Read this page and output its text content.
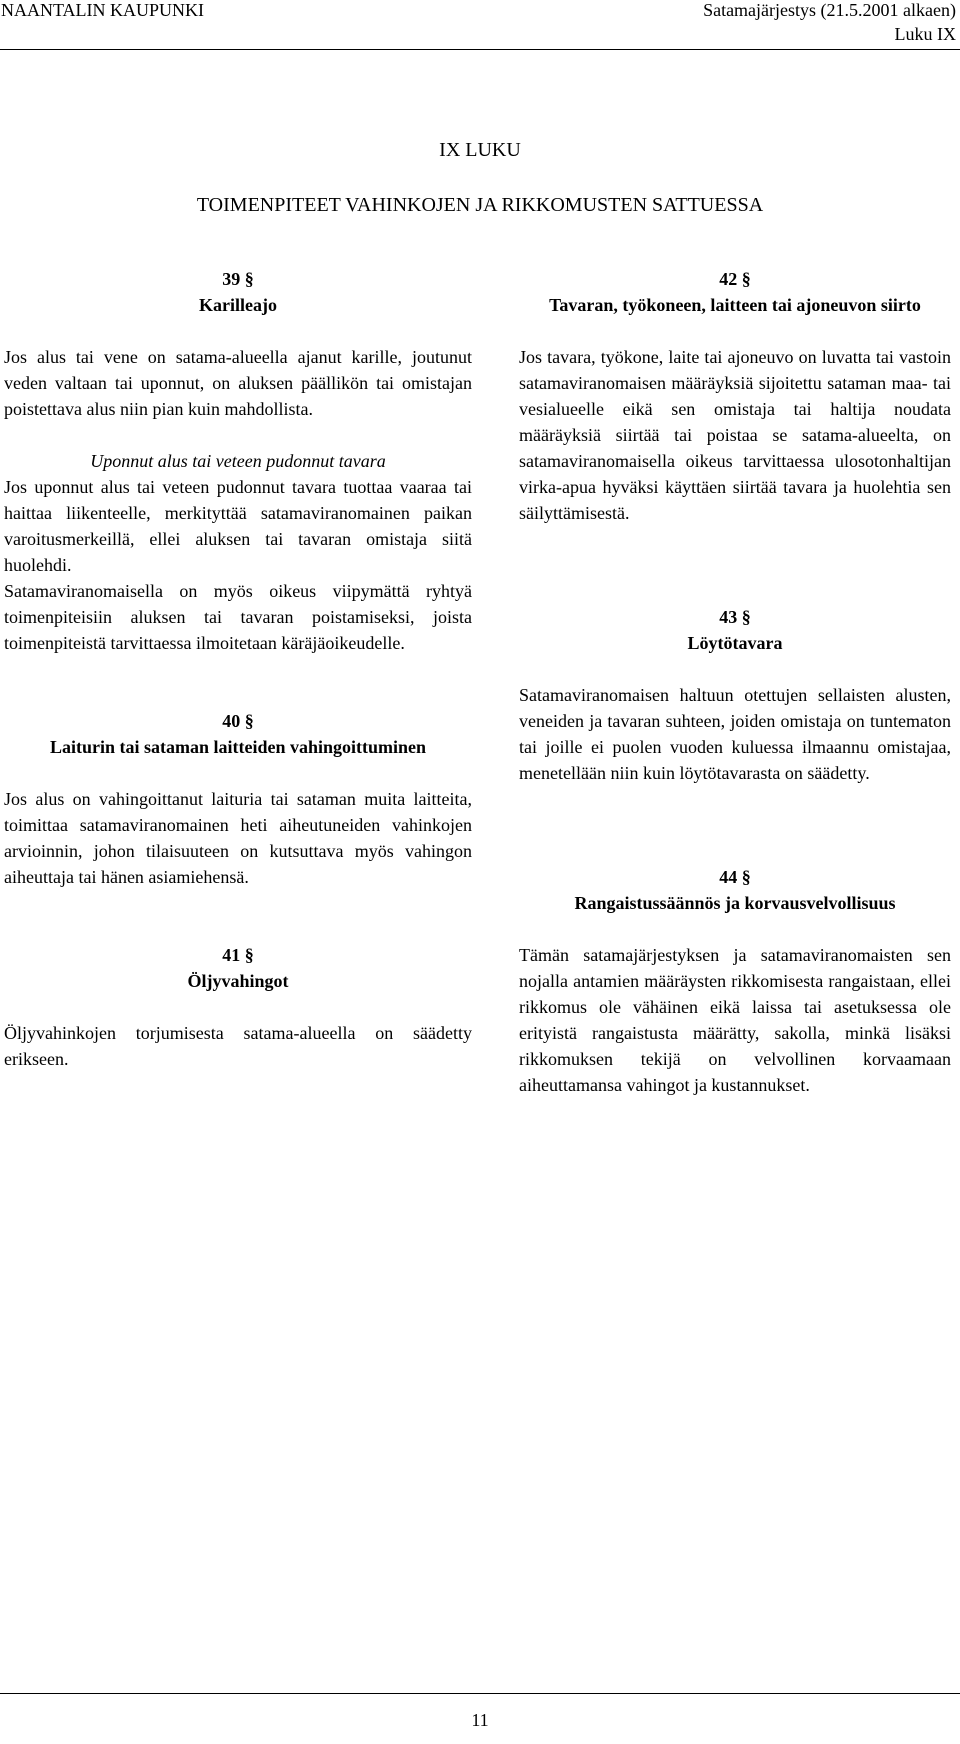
NAANTALIN KAUPUNKI	Satamajärjestys (21.5.2001 alkaen)
Luku IX
IX LUKU
TOIMENPITEET VAHINKOJEN JA RIKKOMUSTEN SATTUESSA
39 §
Karilleajo
Jos alus tai vene on satama-alueella ajanut karille, joutunut veden valtaan tai uponnut, on aluksen päällikön tai omistajan poistettava alus niin pian kuin mahdollista.
Uponnut alus tai veteen pudonnut tavara
Jos uponnut alus tai veteen pudonnut tavara tuottaa vaaraa tai haittaa liikenteelle, merkityttää satamaviranomainen paikan varoitusmerkeillä, ellei aluksen tai tavaran omistaja siitä huolehdi.
Satamaviranomaisella on myös oikeus viipymättä ryhtyä toimenpiteisiin aluksen tai tavaran poistamiseksi, joista toimenpiteistä tarvittaessa ilmoitetaan käräjäoikeudelle.
40 §
Laiturin tai sataman laitteiden vahingoittuminen
Jos alus on vahingoittanut laituria tai sataman muita laitteita, toimittaa satamaviranomainen heti aiheutuneiden vahinkojen arvioinnin, johon tilaisuuteen on kutsuttava myös vahingon aiheuttaja tai hänen asiamiehensä.
41 §
Öljyvahingot
Öljyvahinkojen torjumisesta satama-alueella on säädetty erikseen.
42 §
Tavaran, työkoneen, laitteen tai ajoneuvon siirto
Jos tavara, työkone, laite tai ajoneuvo on luvatta tai vastoin satamaviranomaisen määräyksiä sijoitettu sataman maa- tai vesialueelle eikä sen omistaja tai haltija noudata määräyksiä siirtää tai poistaa se satama-alueelta, on satamaviranomaisella oikeus tarvittaessa ulosotonhaltijan virka-apua hyväksi käyttäen siirtää tavara ja huolehtia sen säilyttämisestä.
43 §
Löytötavara
Satamaviranomaisen haltuun otettujen sellaisten alusten, veneiden ja tavaran suhteen, joiden omistaja on tuntematon tai joille ei puolen vuoden kuluessa ilmaannu omistajaa, menetellään niin kuin löytötavarasta on säädetty.
44 §
Rangaistussäännös ja korvausvelvollisuus
Tämän satamajärjestyksen ja satamaviranomaisten sen nojalla antamien määräysten rikkomisesta rangaistaan, ellei rikkomus ole vähäinen eikä laissa tai asetuksessa ole erityistä rangaistusta määrätty, sakolla, minkä lisäksi rikkomuksen tekijä on velvollinen korvaamaan aiheuttamansa vahingot ja kustannukset.
11
